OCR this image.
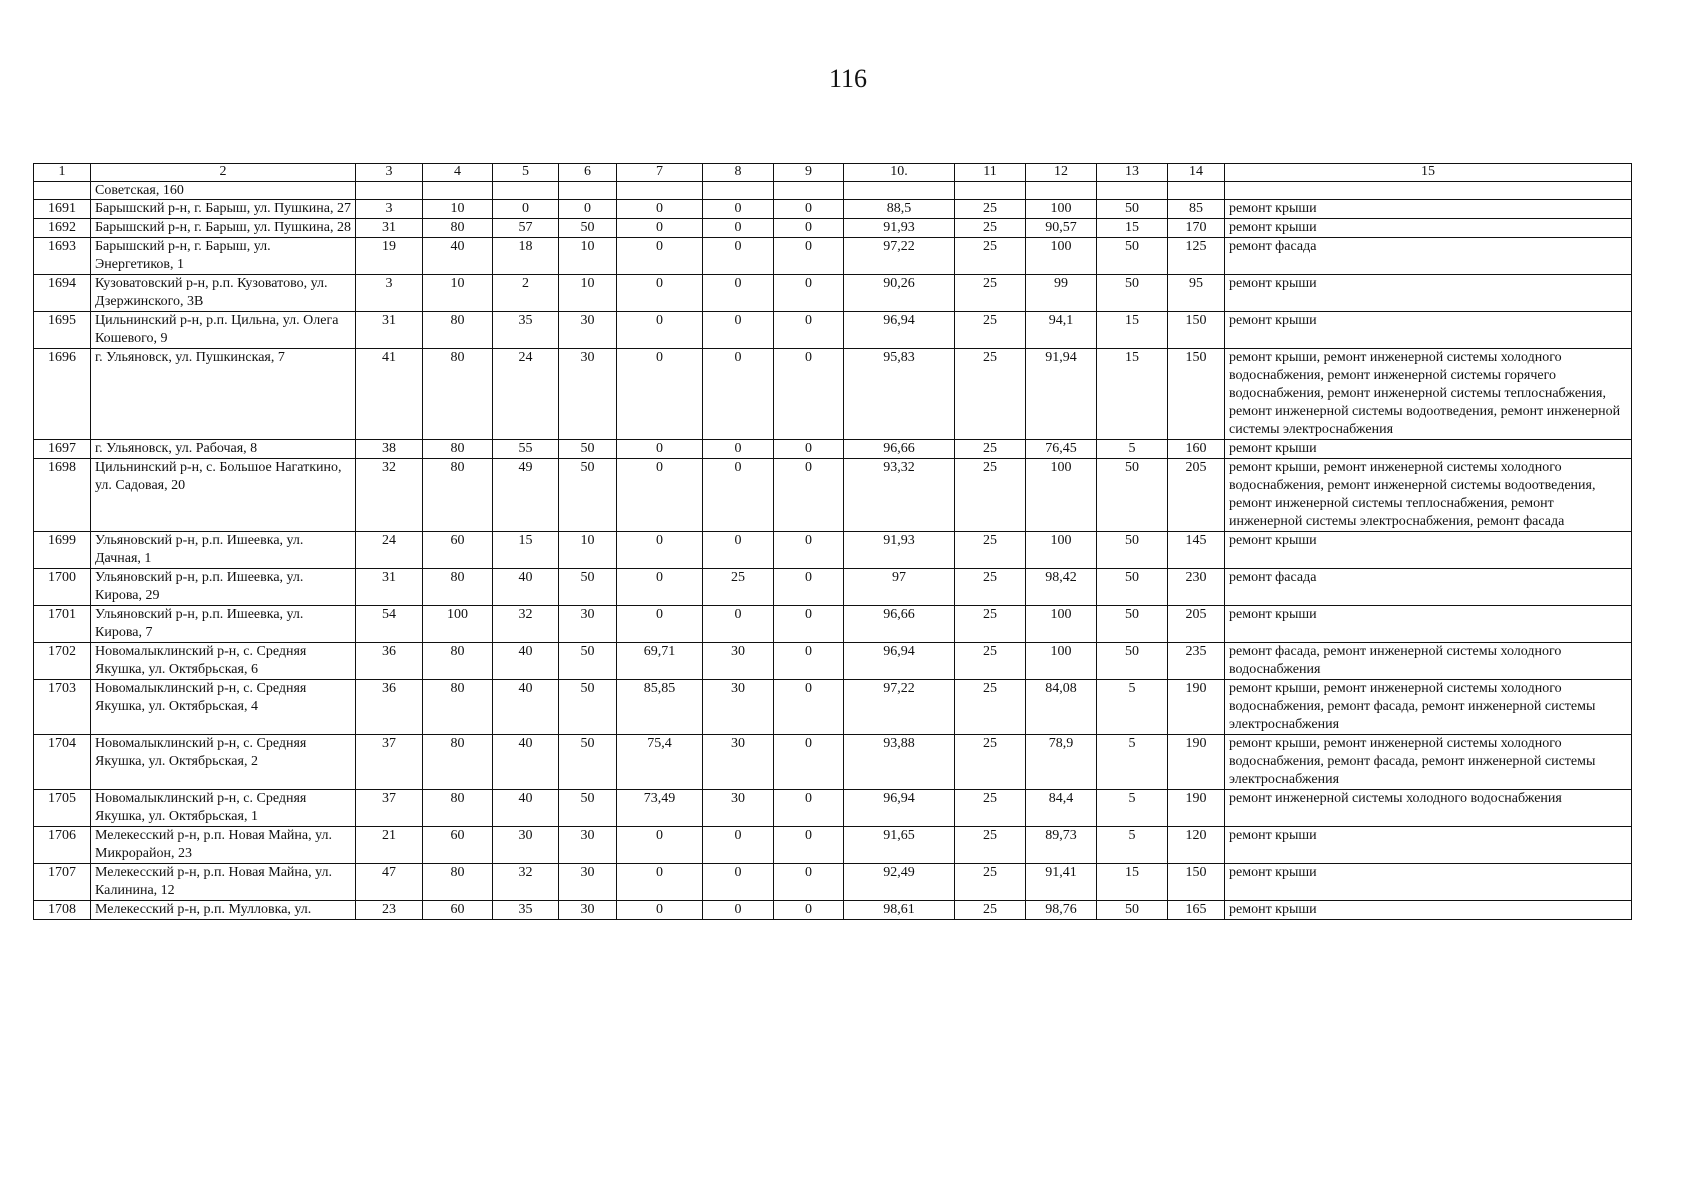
116
1	2	3	4	5	6	7	8	9	10.	11	12	13	14	15
	Советская, 160													
1691	Барышский р-н, г. Барыш, ул. Пушкина, 27	3	10	0	0	0	0	0	88,5	25	100	50	85	ремонт крыши
1692	Барышский р-н, г. Барыш, ул. Пушкина, 28	31	80	57	50	0	0	0	91,93	25	90,57	15	170	ремонт крыши
1693	Барышский р-н, г. Барыш, ул. Энергетиков, 1	19	40	18	10	0	0	0	97,22	25	100	50	125	ремонт фасада
1694	Кузоватовский р-н, р.п. Кузоватово, ул. Дзержинского, 3В	3	10	2	10	0	0	0	90,26	25	99	50	95	ремонт крыши
1695	Цильнинский р-н, р.п. Цильна, ул. Олега Кошевого, 9	31	80	35	30	0	0	0	96,94	25	94,1	15	150	ремонт крыши
1696	г. Ульяновск, ул. Пушкинская, 7	41	80	24	30	0	0	0	95,83	25	91,94	15	150	ремонт крыши, ремонт инженерной системы холодного водоснабжения, ремонт инженерной системы горячего водоснабжения, ремонт инженерной системы теплоснабжения, ремонт инженерной системы водоотведения, ремонт инженерной системы электроснабжения
1697	г. Ульяновск, ул. Рабочая, 8	38	80	55	50	0	0	0	96,66	25	76,45	5	160	ремонт крыши
1698	Цильнинский р-н, с. Большое Нагаткино, ул. Садовая, 20	32	80	49	50	0	0	0	93,32	25	100	50	205	ремонт крыши, ремонт инженерной системы холодного водоснабжения, ремонт инженерной системы водоотведения, ремонт инженерной системы теплоснабжения, ремонт инженерной системы электроснабжения, ремонт фасада
1699	Ульяновский р-н, р.п. Ишеевка, ул. Дачная, 1	24	60	15	10	0	0	0	91,93	25	100	50	145	ремонт крыши
1700	Ульяновский р-н, р.п. Ишеевка, ул. Кирова, 29	31	80	40	50	0	25	0	97	25	98,42	50	230	ремонт фасада
1701	Ульяновский р-н, р.п. Ишеевка, ул. Кирова, 7	54	100	32	30	0	0	0	96,66	25	100	50	205	ремонт крыши
1702	Новомалыклинский р-н, с. Средняя Якушка, ул. Октябрьская, 6	36	80	40	50	69,71	30	0	96,94	25	100	50	235	ремонт фасада, ремонт инженерной системы холодного водоснабжения
1703	Новомалыклинский р-н, с. Средняя Якушка, ул. Октябрьская, 4	36	80	40	50	85,85	30	0	97,22	25	84,08	5	190	ремонт крыши, ремонт инженерной системы холодного водоснабжения, ремонт фасада, ремонт инженерной системы электроснабжения
1704	Новомалыклинский р-н, с. Средняя Якушка, ул. Октябрьская, 2	37	80	40	50	75,4	30	0	93,88	25	78,9	5	190	ремонт крыши, ремонт инженерной системы холодного водоснабжения, ремонт фасада, ремонт инженерной системы электроснабжения
1705	Новомалыклинский р-н, с. Средняя Якушка, ул. Октябрьская, 1	37	80	40	50	73,49	30	0	96,94	25	84,4	5	190	ремонт инженерной системы холодного водоснабжения
1706	Мелекесский р-н, р.п. Новая Майна, ул. Микрорайон, 23	21	60	30	30	0	0	0	91,65	25	89,73	5	120	ремонт крыши
1707	Мелекесский р-н, р.п. Новая Майна, ул. Калинина, 12	47	80	32	30	0	0	0	92,49	25	91,41	15	150	ремонт крыши
1708	Мелекесский р-н, р.п. Мулловка, ул.	23	60	35	30	0	0	0	98,61	25	98,76	50	165	ремонт крыши
